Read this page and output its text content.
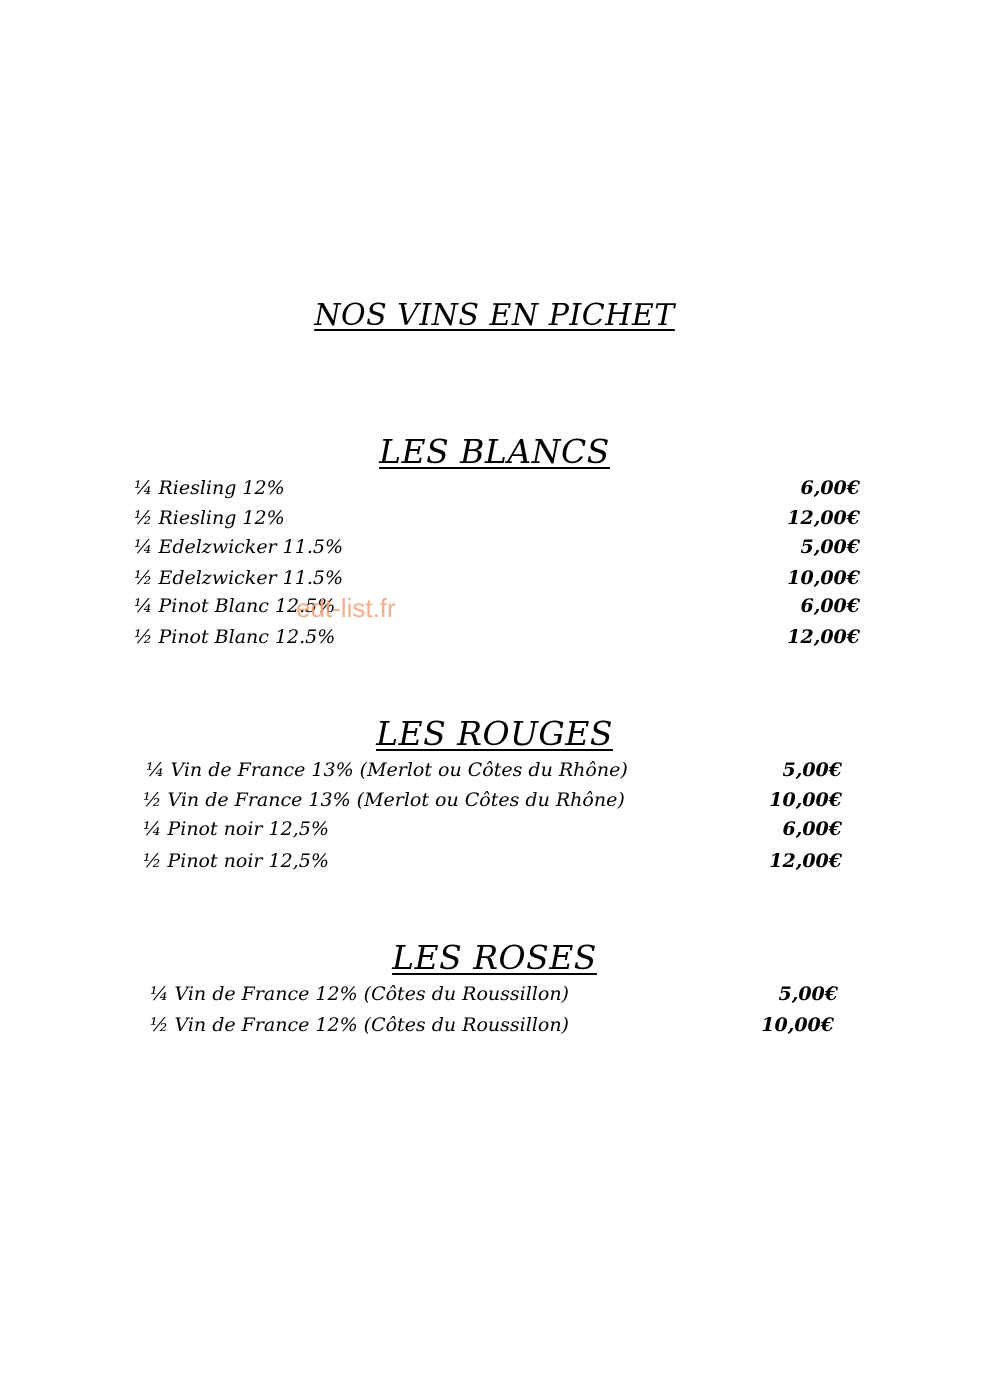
NOS VINS EN PICHET
LES BLANCS
¼ Riesling 12%	6,00€
½ Riesling 12%	12,00€
¼ Edelzwicker 11.5%	5,00€
½ Edelzwicker 11.5%	10,00€
¼ Pinot Blanc 12.5%	6,00€
½ Pinot Blanc 12.5%	12,00€
LES ROUGES
¼ Vin de France 13% (Merlot ou Côtes du Rhône)	5,00€
½ Vin de France 13% (Merlot ou Côtes du Rhône)	10,00€
¼ Pinot noir 12,5%	6,00€
½ Pinot noir 12,5%	12,00€
LES ROSES
¼ Vin de France 12% (Côtes du Roussillon)	5,00€
½ Vin de France 12% (Côtes du Roussillon)	10,00€
edt-list.fr
